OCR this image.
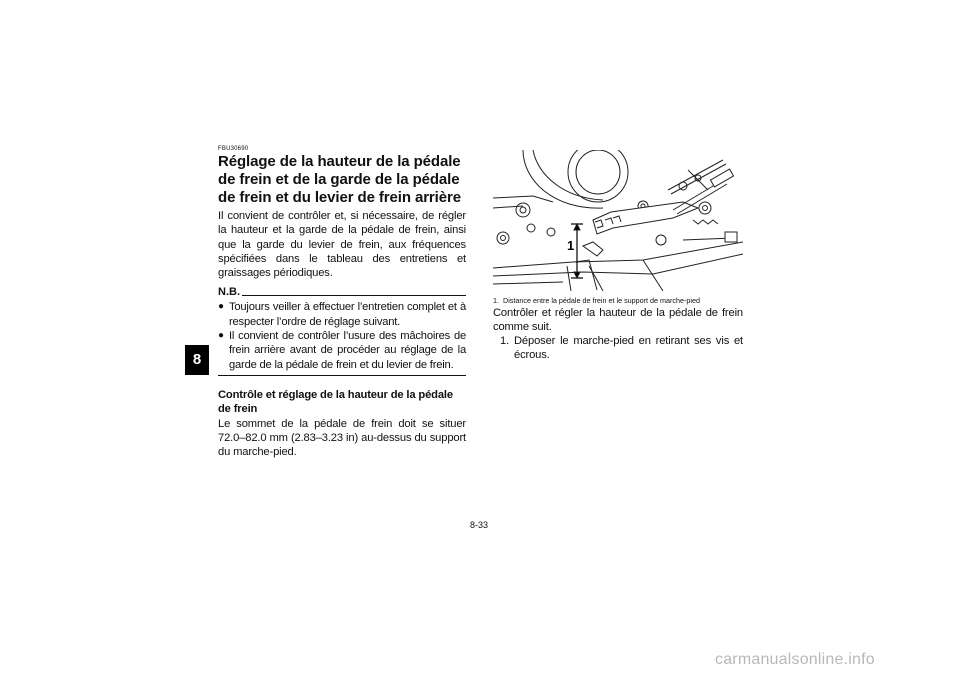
8
FBU30690
Réglage de la hauteur de la pédale de frein et de la garde de la pédale de frein et du levier de frein arrière

Il convient de contrôler et, si nécessaire, de régler la hauteur et la garde de la pédale de frein, ainsi que la garde du levier de frein, aux fréquences spécifiées dans le tableau des entretiens et graissages périodiques.

N.B.
● Toujours veiller à effectuer l’entretien complet et à respecter l’ordre de réglage suivant.
● Il convient de contrôler l’usure des mâchoires de frein arrière avant de procéder au réglage de la garde de la pédale de frein et du levier de frein.
Contrôle et réglage de la hauteur de la pédale de frein

Le sommet de la pédale de frein doit se situer 72.0–82.0 mm (2.83–3.23 in) au-dessus du support du marche-pied.

1
1. Distance entre la pédale de frein et le support de marche-pied

Contrôler et régler la hauteur de la pédale de frein comme suit.

1. Déposer le marche-pied en retirant ses vis et écrous.
8-33
carmanualsonline.info
